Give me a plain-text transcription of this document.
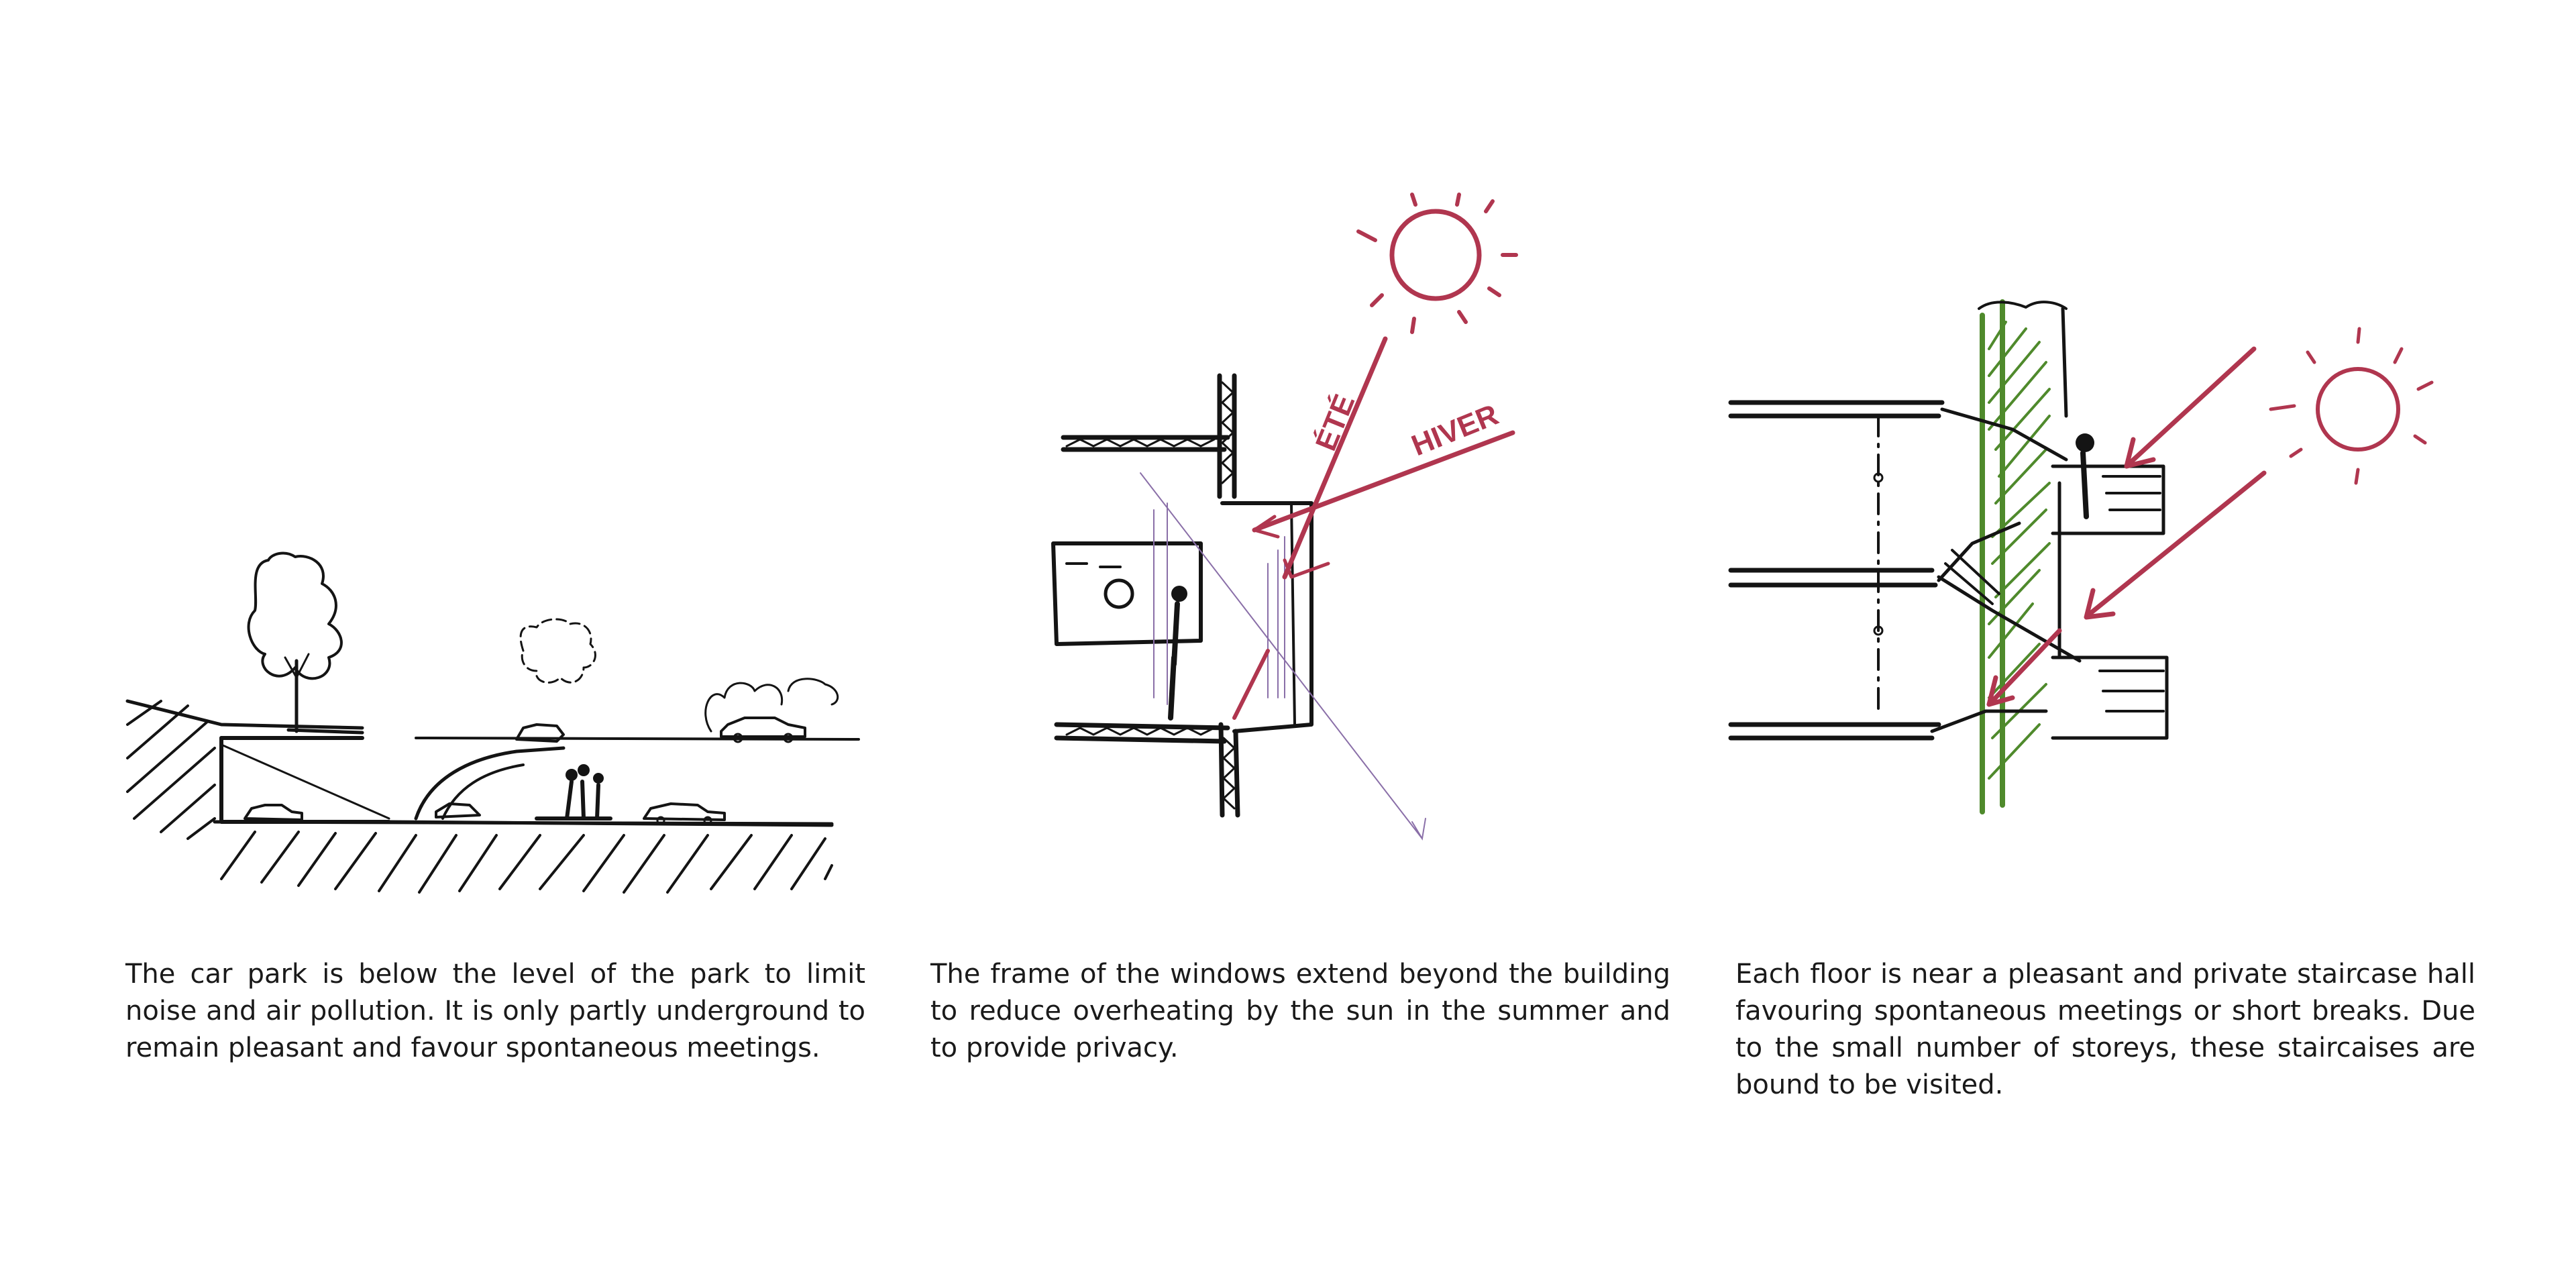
The car park is below the level of the park to limit noise and air pollution. It is only partly underground to remain pleasant and favour spontaneous meetings.

ÉTÉ HIVER

The frame of the windows extend beyond the building to reduce overheating by the sun in the summer and to provide privacy.

Each floor is near a pleasant and private staircase hall favouring spontaneous meetings or short breaks. Due to the small number of storeys, these staircaises are bound to be visited.
